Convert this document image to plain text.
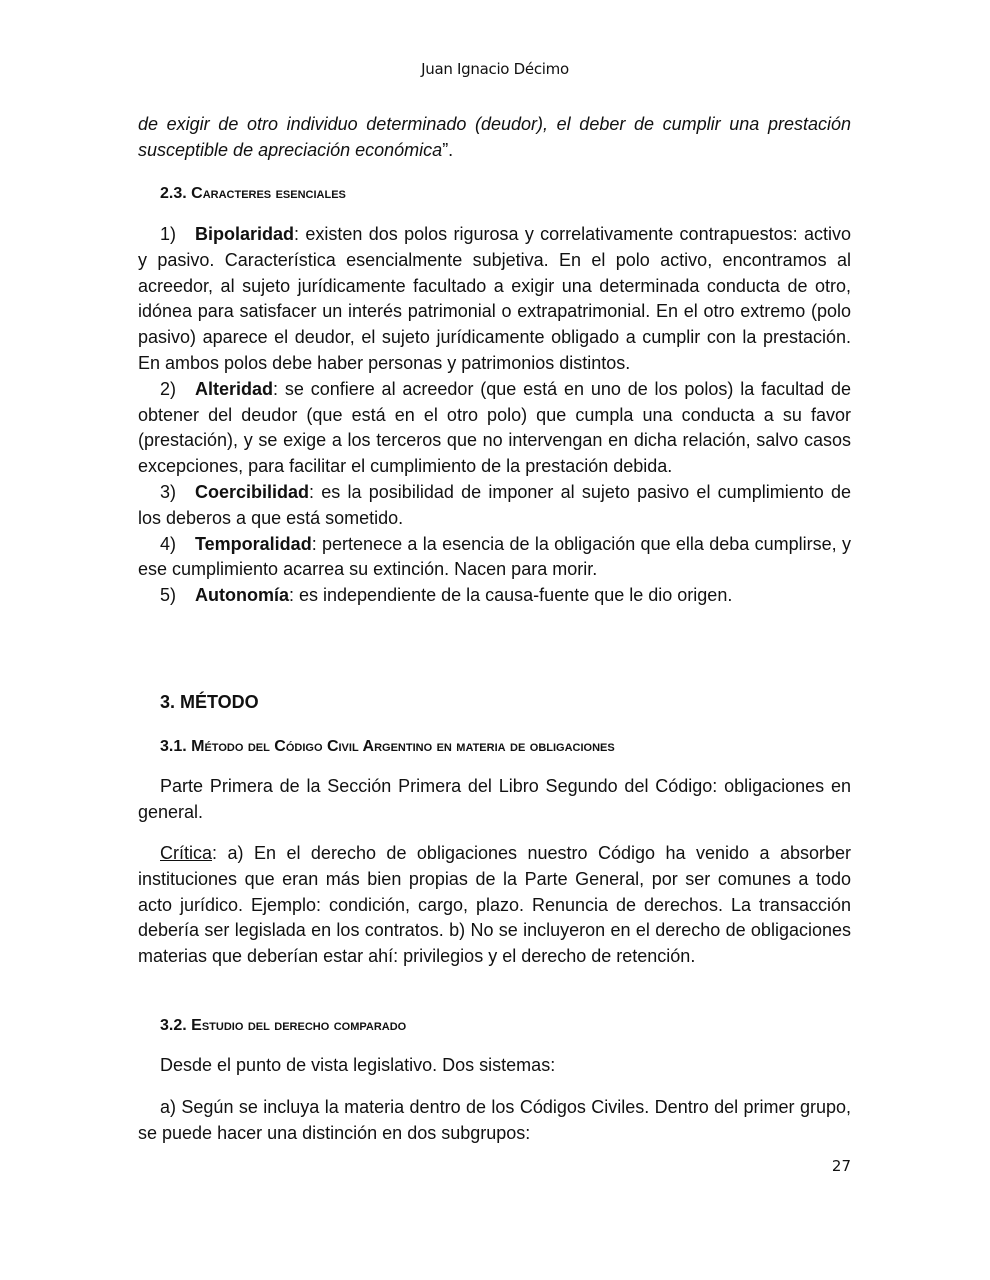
Juan Ignacio Décimo
de exigir de otro individuo determinado (deudor), el deber de cumplir una prestación susceptible de apreciación económica”.
2.3. Caracteres esenciales
1) Bipolaridad: existen dos polos rigurosa y correlativamente contrapuestos: activo y pasivo. Característica esencialmente subjetiva. En el polo activo, encontramos al acreedor, al sujeto jurídicamente facultado a exigir una determinada conducta de otro, idónea para satisfacer un interés patrimonial o extrapatrimonial. En el otro extremo (polo pasivo) aparece el deudor, el sujeto jurídicamente obligado a cumplir con la prestación. En ambos polos debe haber personas y patrimonios distintos.
2) Alteridad: se confiere al acreedor (que está en uno de los polos) la facultad de obtener del deudor (que está en el otro polo) que cumpla una conducta a su favor (prestación), y se exige a los terceros que no intervengan en dicha relación, salvo casos excepciones, para facilitar el cumplimiento de la prestación debida.
3) Coercibilidad: es la posibilidad de imponer al sujeto pasivo el cumplimiento de los deberos a que está sometido.
4) Temporalidad: pertenece a la esencia de la obligación que ella deba cumplirse, y ese cumplimiento acarrea su extinción. Nacen para morir.
5) Autonomía: es independiente de la causa-fuente que le dio origen.
3. MÉTODO
3.1. Método del Código Civil Argentino en materia de obligaciones
Parte Primera de la Sección Primera del Libro Segundo del Código: obligaciones en general.
Crítica: a) En el derecho de obligaciones nuestro Código ha venido a absorber instituciones que eran más bien propias de la Parte General, por ser comunes a todo acto jurídico. Ejemplo: condición, cargo, plazo. Renuncia de derechos. La transacción debería ser legislada en los contratos. b) No se incluyeron en el derecho de obligaciones materias que deberían estar ahí: privilegios y el derecho de retención.
3.2. Estudio del derecho comparado
Desde el punto de vista legislativo. Dos sistemas:
a) Según se incluya la materia dentro de los Códigos Civiles. Dentro del primer grupo, se puede hacer una distinción en dos subgrupos:
27
